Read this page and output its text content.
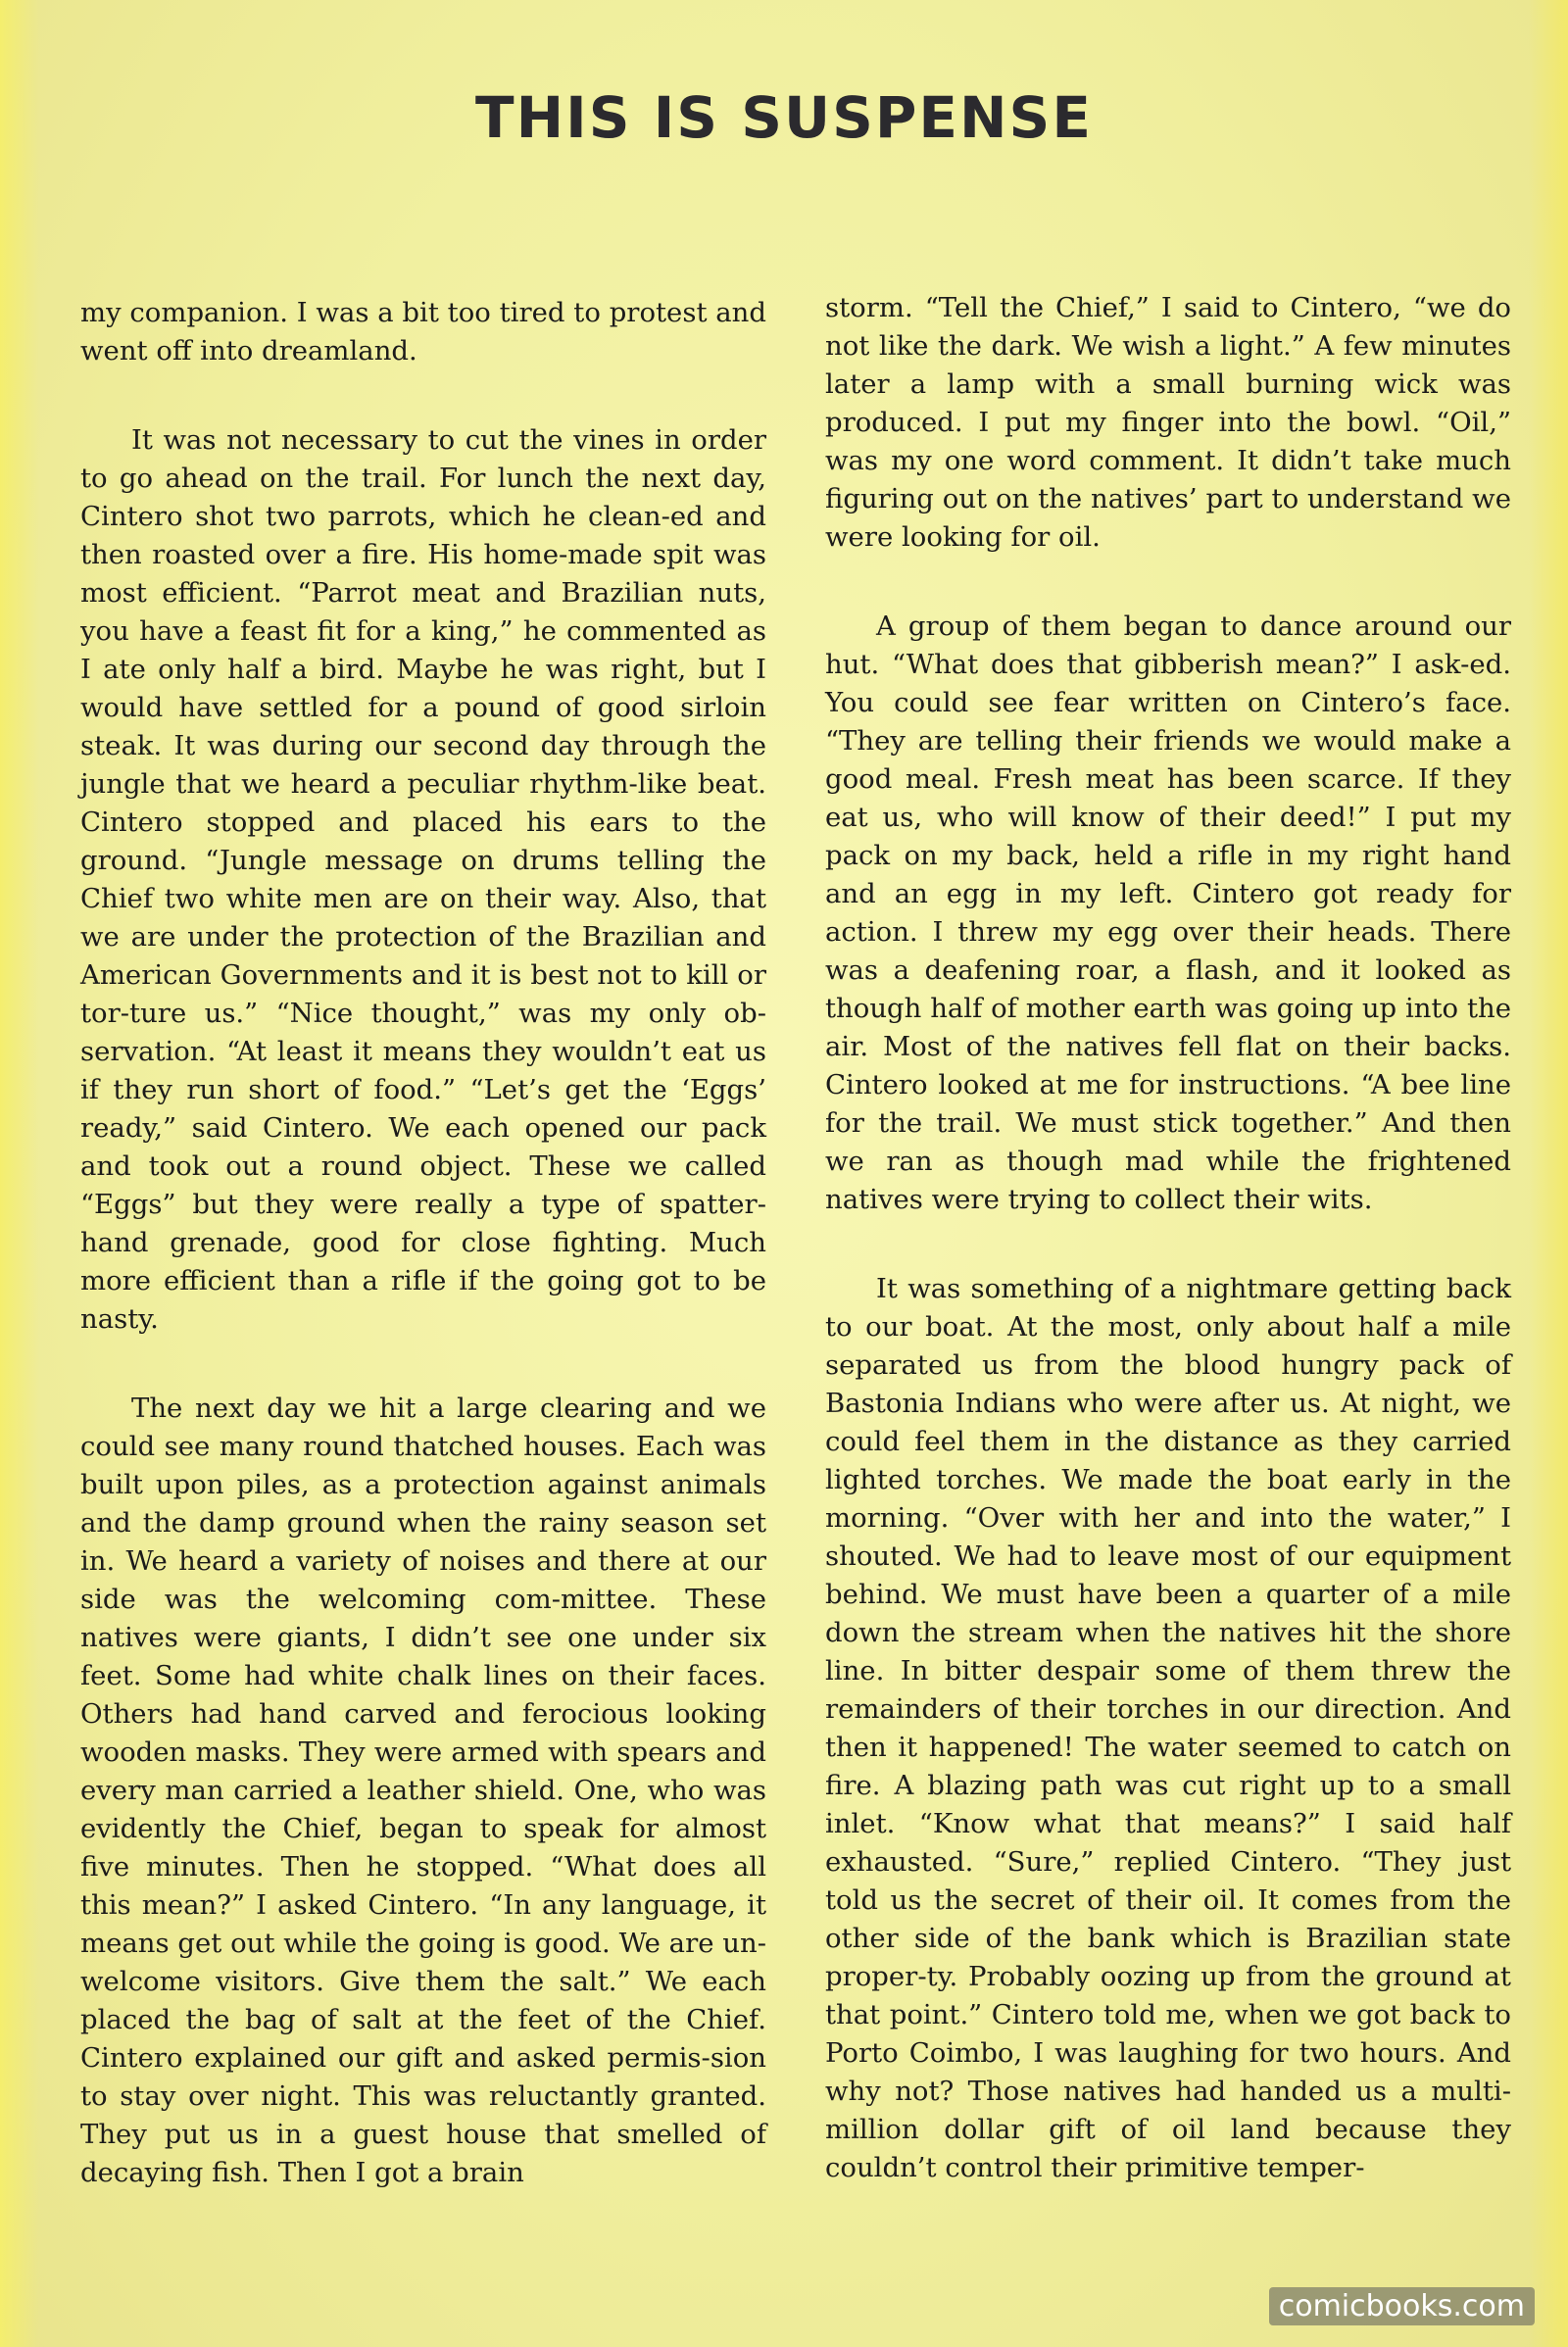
THIS IS SUSPENSE

my companion. I was a bit too tired to protest and went off into dreamland.

It was not necessary to cut the vines in order to go ahead on the trail. For lunch the next day, Cintero shot two parrots, which he clean-ed and then roasted over a fire. His home-made spit was most efficient. “Parrot meat and Brazilian nuts, you have a feast fit for a king,” he commented as I ate only half a bird. Maybe he was right, but I would have settled for a pound of good sirloin steak. It was during our second day through the jungle that we heard a peculiar rhythm-like beat. Cintero stopped and placed his ears to the ground. “Jungle message on drums telling the Chief two white men are on their way. Also, that we are under the protection of the Brazilian and American Governments and it is best not to kill or tor-ture us.” “Nice thought,” was my only ob-servation. “At least it means they wouldn’t eat us if they run short of food.” “Let’s get the ‘Eggs’ ready,” said Cintero. We each opened our pack and took out a round object. These we called “Eggs” but they were really a type of spatter-hand grenade, good for close fighting. Much more efficient than a rifle if the going got to be nasty.

The next day we hit a large clearing and we could see many round thatched houses. Each was built upon piles, as a protection against animals and the damp ground when the rainy season set in. We heard a variety of noises and there at our side was the welcoming com-mittee. These natives were giants, I didn’t see one under six feet. Some had white chalk lines on their faces. Others had hand carved and ferocious looking wooden masks. They were armed with spears and every man carried a leather shield. One, who was evidently the Chief, began to speak for almost five minutes. Then he stopped. “What does all this mean?” I asked Cintero. “In any language, it means get out while the going is good. We are un-welcome visitors. Give them the salt.” We each placed the bag of salt at the feet of the Chief. Cintero explained our gift and asked permis-sion to stay over night. This was reluctantly granted. They put us in a guest house that smelled of decaying fish. Then I got a brain

storm. “Tell the Chief,” I said to Cintero, “we do not like the dark. We wish a light.” A few minutes later a lamp with a small burning wick was produced. I put my finger into the bowl. “Oil,” was my one word comment. It didn’t take much figuring out on the natives’ part to understand we were looking for oil.

A group of them began to dance around our hut. “What does that gibberish mean?” I ask-ed. You could see fear written on Cintero’s face. “They are telling their friends we would make a good meal. Fresh meat has been scarce. If they eat us, who will know of their deed!” I put my pack on my back, held a rifle in my right hand and an egg in my left. Cintero got ready for action. I threw my egg over their heads. There was a deafening roar, a flash, and it looked as though half of mother earth was going up into the air. Most of the natives fell flat on their backs. Cintero looked at me for instructions. “A bee line for the trail. We must stick together.” And then we ran as though mad while the frightened natives were trying to collect their wits.

It was something of a nightmare getting back to our boat. At the most, only about half a mile separated us from the blood hungry pack of Bastonia Indians who were after us. At night, we could feel them in the distance as they carried lighted torches. We made the boat early in the morning. “Over with her and into the water,” I shouted. We had to leave most of our equipment behind. We must have been a quarter of a mile down the stream when the natives hit the shore line. In bitter despair some of them threw the remainders of their torches in our direction. And then it happened! The water seemed to catch on fire. A blazing path was cut right up to a small inlet. “Know what that means?” I said half exhausted. “Sure,” replied Cintero. “They just told us the secret of their oil. It comes from the other side of the bank which is Brazilian state proper-ty. Probably oozing up from the ground at that point.” Cintero told me, when we got back to Porto Coimbo, I was laughing for two hours. And why not? Those natives had handed us a multi-million dollar gift of oil land because they couldn’t control their primitive temper-

comicbooks.com
